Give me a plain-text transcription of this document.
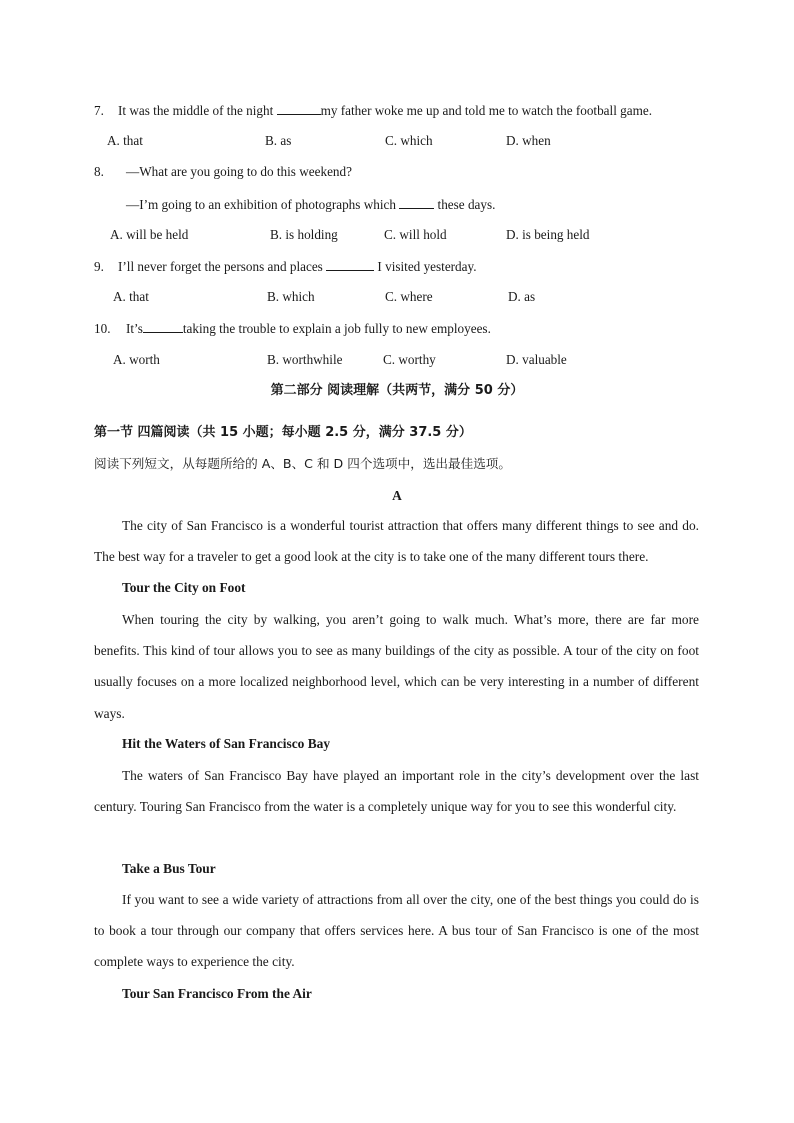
7. It was the middle of the night	my father woke me up and told me to watch the football game.
A. that	B. as	C. which	D. when
8. —What are you going to do this weekend?
—I’m going to an exhibition of photographs which	these days.
A. will be held	B. is holding	C. will hold	D. is being held
9. I’ll never forget the persons and places	I visited yesterday.
A. that	B. which	C. where	D. as
10. It’s	taking the trouble to explain a job fully to new employees.
A. worth	B. worthwhile	C. worthy	D. valuable
第二部分 阅读理解（共两节，满分 50 分）
第一节 四篇阅读（共 15 小题；每小题 2.5 分，满分 37.5 分）
阅读下列短文，从每题所给的 A、B、C 和 D 四个选项中，选出最佳选项。
A

The city of San Francisco is a wonderful tourist attraction that offers many different things to see and do. The best way for a traveler to get a good look at the city is to take one of the many different tours there.

Tour the City on Foot

When touring the city by walking, you aren’t going to walk much. What’s more, there are far more benefits. This kind of tour allows you to see as many buildings of the city as possible. A tour of the city on foot usually focuses on a more localized neighborhood level, which can be very interesting in a number of different ways.

Hit the Waters of San Francisco Bay

The waters of San Francisco Bay have played an important role in the city’s development over the last century. Touring San Francisco from the water is a completely unique way for you to see this wonderful city.

Take a Bus Tour

If you want to see a wide variety of attractions from all over the city, one of the best things you could do is to book a tour through our company that offers services here. A bus tour of San Francisco is one of the most complete ways to experience the city.

Tour San Francisco From the Air
